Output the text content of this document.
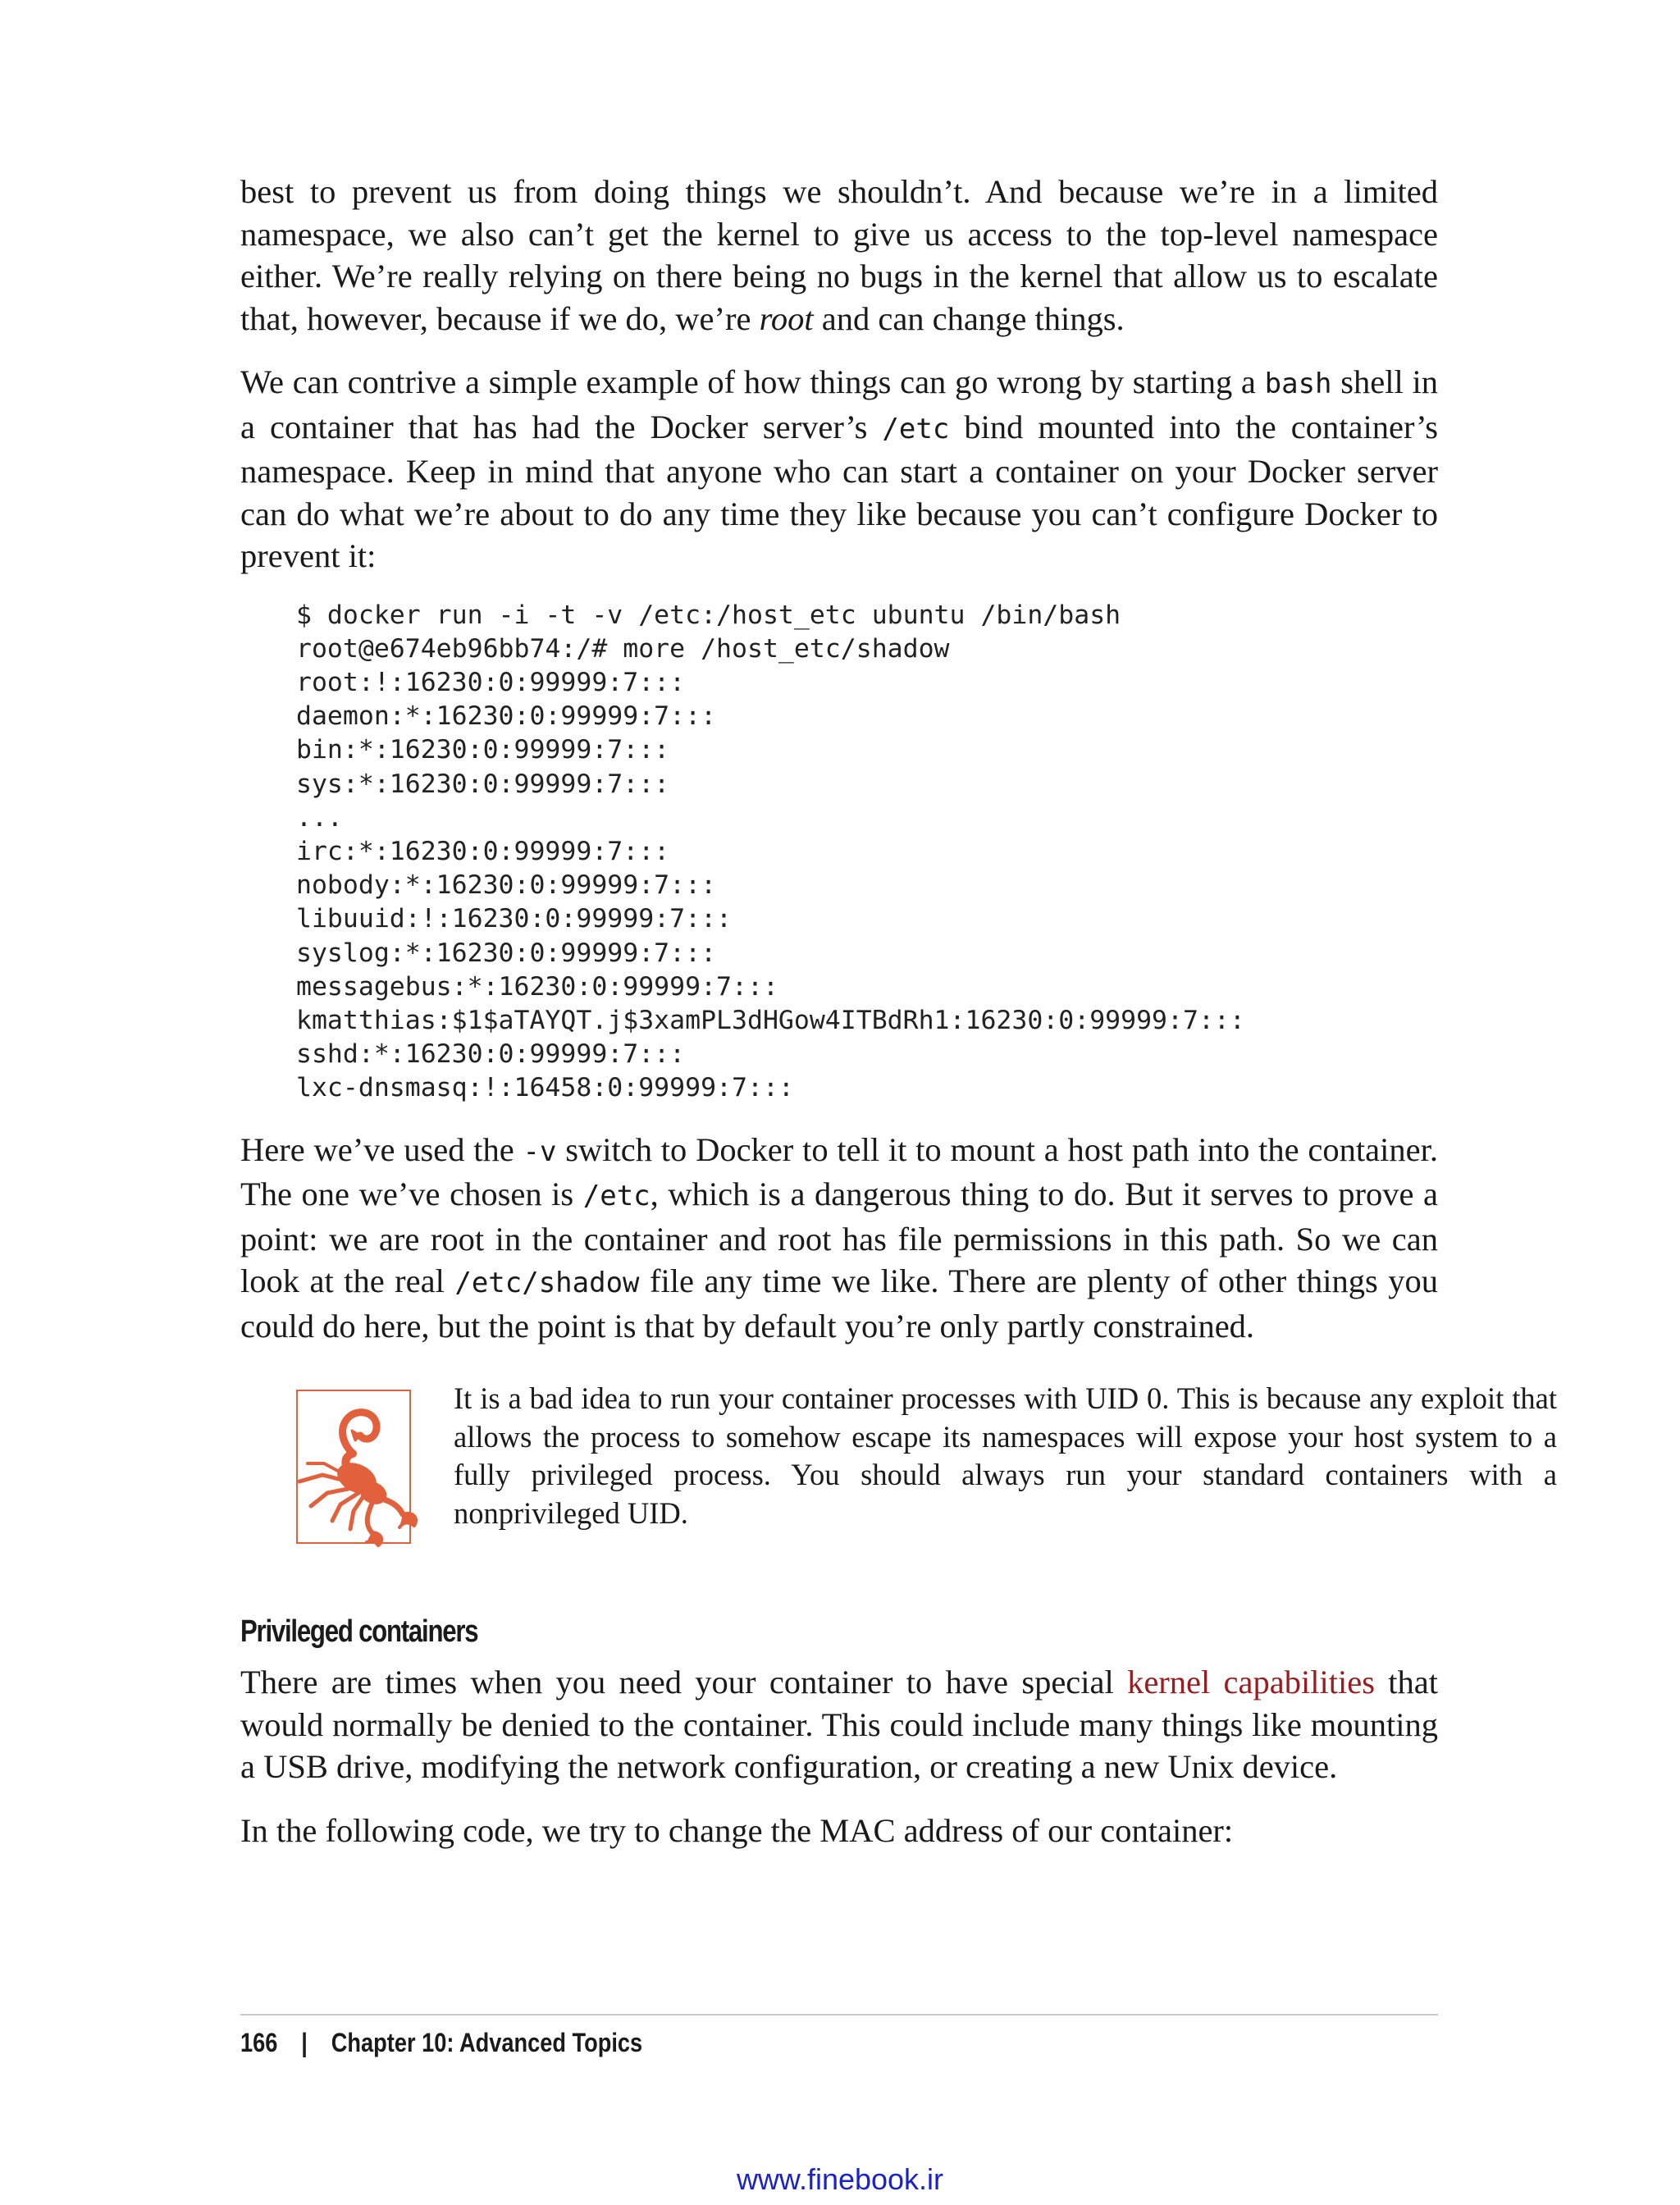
best to prevent us from doing things we shouldn’t. And because we’re in a limited namespace, we also can’t get the kernel to give us access to the top-level namespace either. We’re really relying on there being no bugs in the kernel that allow us to escalate that, however, because if we do, we’re root and can change things.

We can contrive a simple example of how things can go wrong by starting a bash shell in a container that has had the Docker server’s /etc bind mounted into the container’s namespace. Keep in mind that anyone who can start a container on your Docker server can do what we’re about to do any time they like because you can’t configure Docker to prevent it:

$ docker run -i -t -v /etc:/host_etc ubuntu /bin/bash
root@e674eb96bb74:/# more /host_etc/shadow
root:!:16230:0:99999:7:::
daemon:*:16230:0:99999:7:::
bin:*:16230:0:99999:7:::
sys:*:16230:0:99999:7:::
...
irc:*:16230:0:99999:7:::
nobody:*:16230:0:99999:7:::
libuuid:!:16230:0:99999:7:::
syslog:*:16230:0:99999:7:::
messagebus:*:16230:0:99999:7:::
kmatthias:$1$aTAYQT.j$3xamPL3dHGow4ITBdRh1:16230:0:99999:7:::
sshd:*:16230:0:99999:7:::
lxc-dnsmasq:!:16458:0:99999:7:::

Here we’ve used the -v switch to Docker to tell it to mount a host path into the container. The one we’ve chosen is /etc, which is a dangerous thing to do. But it serves to prove a point: we are root in the container and root has file permissions in this path. So we can look at the real /etc/shadow file any time we like. There are plenty of other things you could do here, but the point is that by default you’re only partly constrained.

It is a bad idea to run your container processes with UID 0. This is because any exploit that allows the process to somehow escape its namespaces will expose your host system to a fully privileged process. You should always run your standard containers with a nonprivileged UID.
Privileged containers

There are times when you need your container to have special kernel capabilities that would normally be denied to the container. This could include many things like mounting a USB drive, modifying the network configuration, or creating a new Unix device.

In the following code, we try to change the MAC address of our container:

166 | Chapter 10: Advanced Topics
www.finebook.ir
